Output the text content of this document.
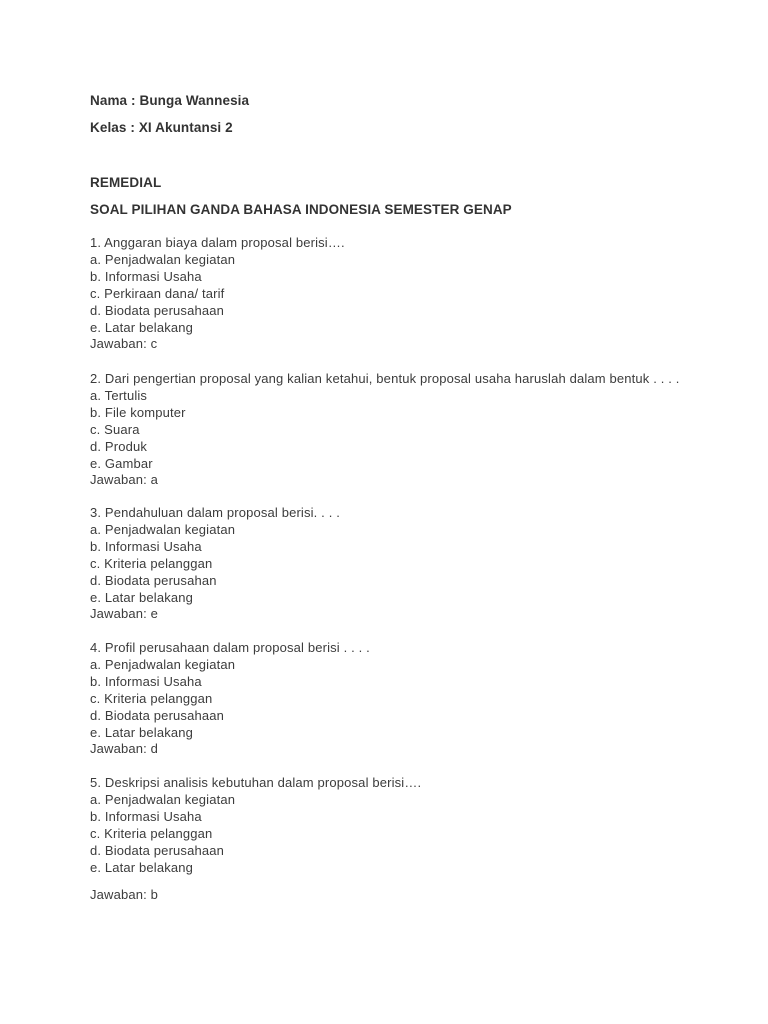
Nama : Bunga Wannesia
Kelas : XI Akuntansi 2
REMEDIAL
SOAL PILIHAN GANDA BAHASA INDONESIA SEMESTER GENAP
1. Anggaran biaya dalam proposal berisi….
a. Penjadwalan kegiatan
b. Informasi Usaha
c. Perkiraan dana/ tarif
d. Biodata perusahaan
e. Latar belakang
Jawaban: c
2. Dari pengertian proposal yang kalian ketahui, bentuk proposal usaha haruslah dalam bentuk . . . .
a. Tertulis
b. File komputer
c. Suara
d. Produk
e. Gambar
Jawaban: a
3. Pendahuluan dalam proposal berisi. . . .
a. Penjadwalan kegiatan
b. Informasi Usaha
c. Kriteria pelanggan
d. Biodata perusahan
e. Latar belakang
Jawaban: e
4. Profil perusahaan dalam proposal berisi . . . .
a. Penjadwalan kegiatan
b. Informasi Usaha
c. Kriteria pelanggan
d. Biodata perusahaan
e. Latar belakang
Jawaban: d
5. Deskripsi analisis kebutuhan dalam proposal berisi….
a. Penjadwalan kegiatan
b. Informasi Usaha
c. Kriteria pelanggan
d. Biodata perusahaan
e. Latar belakang
Jawaban: b
